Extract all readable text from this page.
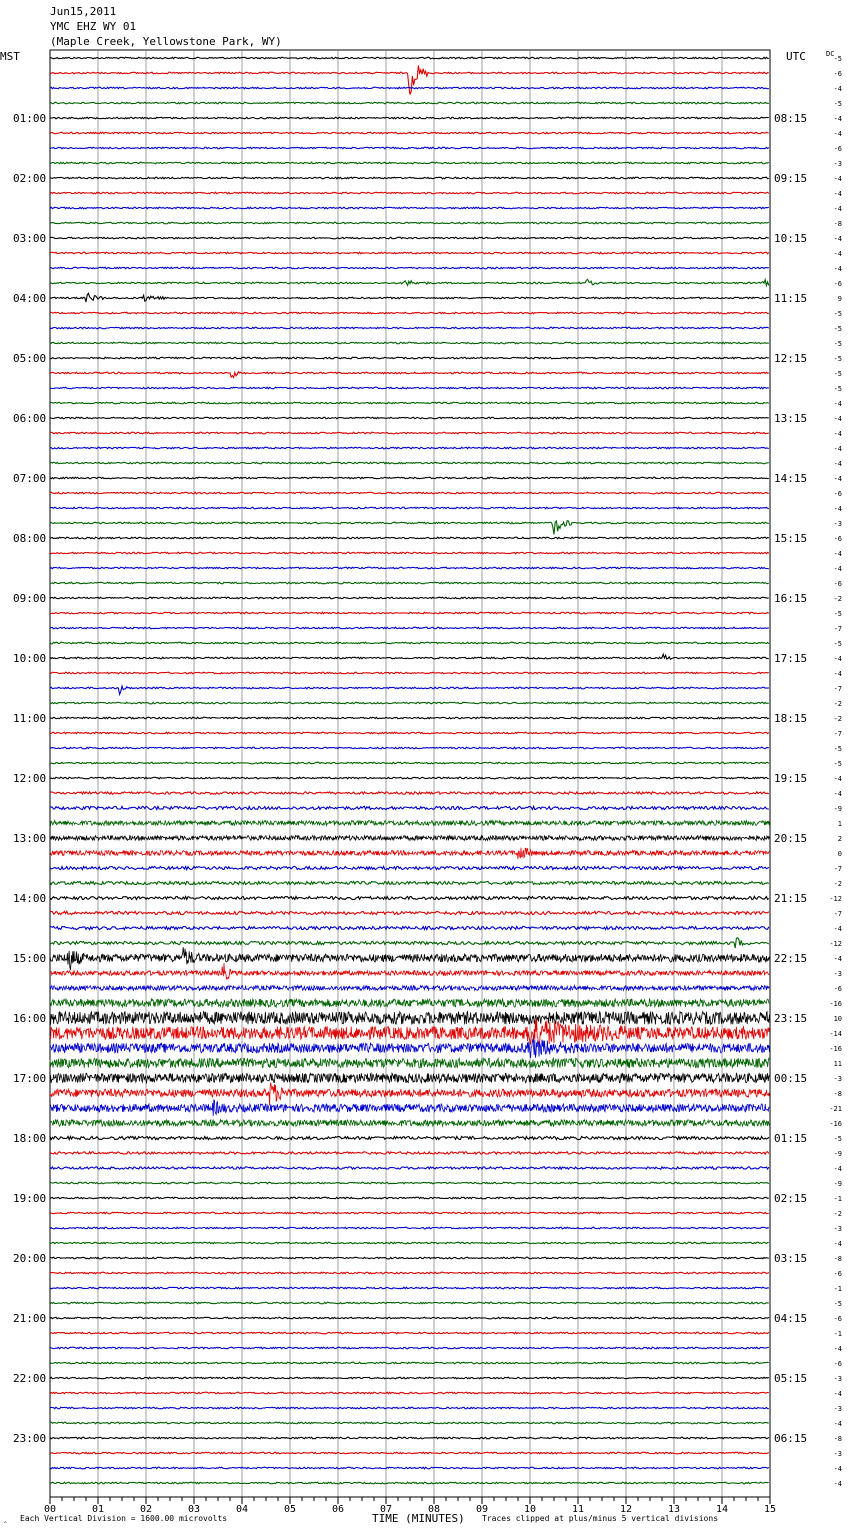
Jun15,2011
YMC EHZ WY 01
(Maple Creek, Yellowstone Park, WY)
MST	UTC	-5
-6
-4
-5
-4
-4
-6
-3
-4
-4
-4
-8
-4
-4
-4
-6
9
-5
-5
-5
-5
-5
-5
-4
-4
-4
-4
-4
-4
-6
-4
-3
-6
-4
-4
-6
-2
-5
-7
-5
-4
-4
-7
-2
-2
-7
-5
-5
-4
-4
-9
1
2
0
-7
-2
-12
-7
-4
-12
-4
-3
-6
-16
10
-14
-16
11
-3
-8
-21
-16
-5
-9
-4
-9
-1
-2
-3
-4
-8
-6
-1
-5
-6
-1
-4
-6
-3
-4
-3
-4
-8
-3
-4
-4
DC
01:00	08:15
02:00	09:15
03:00	10:15
04:00	11:15
05:00	12:15
06:00	13:15
07:00	14:15
08:00	15:15
09:00	16:15
10:00	17:15
11:00	18:15
12:00	19:15
13:00	20:15
14:00	21:15
15:00	22:15
16:00	23:15
17:00	00:15
18:00	01:15
19:00	02:15
20:00	03:15
21:00	04:15
22:00	05:15
23:00	06:15
00	01	02	03	04	05	06	07	08	09	10	11	12	13	14	15
‸ Each Vertical Division = 1600.00 microvolts	TIME (MINUTES) Traces clipped at plus/minus 5 vertical divisions
